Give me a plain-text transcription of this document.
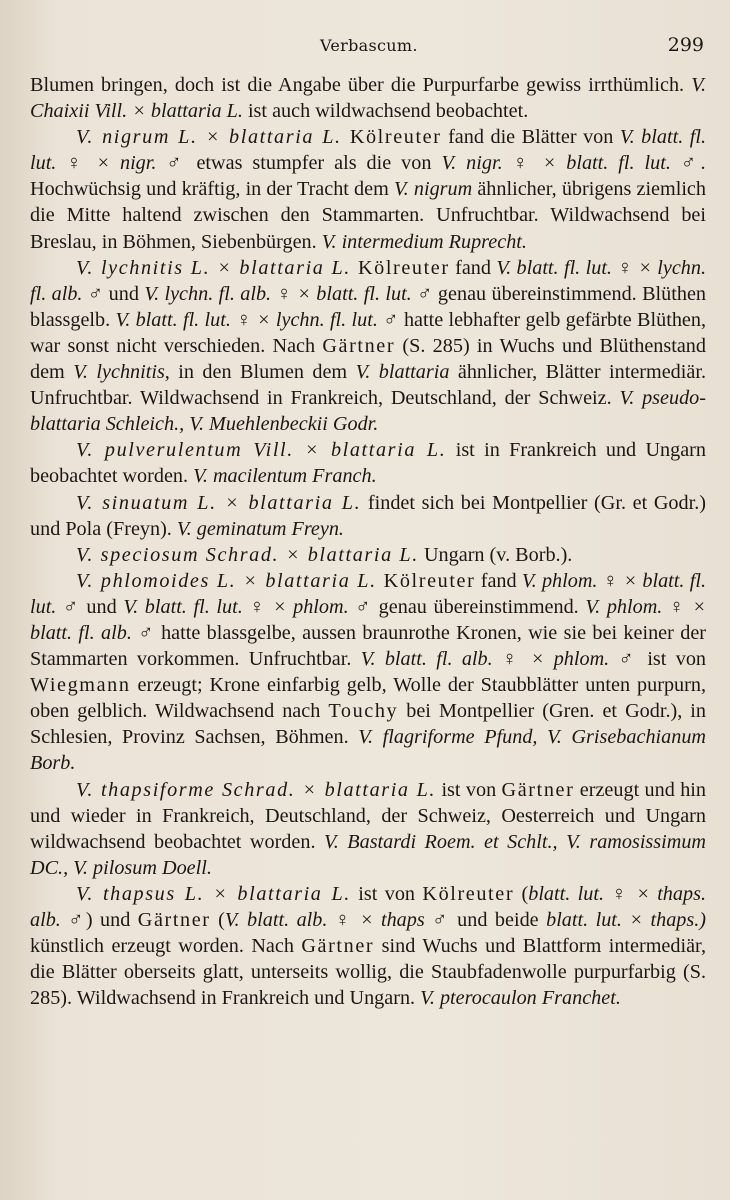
Verbascum.	299

Blumen bringen, doch ist die Angabe über die Purpurfarbe gewiss irrthümlich. V. Chaixii Vill. × blattaria L. ist auch wildwachsend beobachtet.

V. nigrum L. × blattaria L. Kölreuter fand die Blätter von V. blatt. fl. lut. ♀ × nigr. ♂ etwas stumpfer als die von V. nigr. ♀ × blatt. fl. lut. ♂. Hochwüchsig und kräftig, in der Tracht dem V. nigrum ähnlicher, übrigens ziemlich die Mitte haltend zwischen den Stammarten. Unfruchtbar. Wildwachsend bei Breslau, in Böhmen, Siebenbürgen. V. intermedium Ruprecht.

V. lychnitis L. × blattaria L. Kölreuter fand V. blatt. fl. lut. ♀ × lychn. fl. alb. ♂ und V. lychn. fl. alb. ♀ × blatt. fl. lut. ♂ genau übereinstimmend. Blüthen blassgelb. V. blatt. fl. lut. ♀ × lychn. fl. lut. ♂ hatte lebhafter gelb gefärbte Blüthen, war sonst nicht verschieden. Nach Gärtner (S. 285) in Wuchs und Blüthenstand dem V. lychnitis, in den Blumen dem V. blattaria ähnlicher, Blätter intermediär. Unfruchtbar. Wildwachsend in Frankreich, Deutschland, der Schweiz. V. pseudo-blattaria Schleich., V. Muehlenbeckii Godr.

V. pulverulentum Vill. × blattaria L. ist in Frankreich und Ungarn beobachtet worden. V. macilentum Franch.

V. sinuatum L. × blattaria L. findet sich bei Montpellier (Gr. et Godr.) und Pola (Freyn). V. geminatum Freyn.

V. speciosum Schrad. × blattaria L. Ungarn (v. Borb.).

V. phlomoides L. × blattaria L. Kölreuter fand V. phlom. ♀ × blatt. fl. lut. ♂ und V. blatt. fl. lut. ♀ × phlom. ♂ genau übereinstimmend. V. phlom. ♀ × blatt. fl. alb. ♂ hatte blassgelbe, aussen braunrothe Kronen, wie sie bei keiner der Stammarten vorkommen. Unfruchtbar. V. blatt. fl. alb. ♀ × phlom. ♂ ist von Wiegmann erzeugt; Krone einfarbig gelb, Wolle der Staubblätter unten purpurn, oben gelblich. Wildwachsend nach Touchy bei Montpellier (Gren. et Godr.), in Schlesien, Provinz Sachsen, Böhmen. V. flagriforme Pfund, V. Grisebachianum Borb.

V. thapsiforme Schrad. × blattaria L. ist von Gärtner erzeugt und hin und wieder in Frankreich, Deutschland, der Schweiz, Oesterreich und Ungarn wildwachsend beobachtet worden. V. Bastardi Roem. et Schlt., V. ramosissimum DC., V. pilosum Doell.

V. thapsus L. × blattaria L. ist von Kölreuter (blatt. lut. ♀ × thaps. alb. ♂) und Gärtner (V. blatt. alb. ♀ × thaps ♂ und beide blatt. lut. × thaps.) künstlich erzeugt worden. Nach Gärtner sind Wuchs und Blattform intermediär, die Blätter oberseits glatt, unterseits wollig, die Staubfadenwolle purpurfarbig (S. 285). Wildwachsend in Frankreich und Ungarn. V. pterocaulon Franchet.
